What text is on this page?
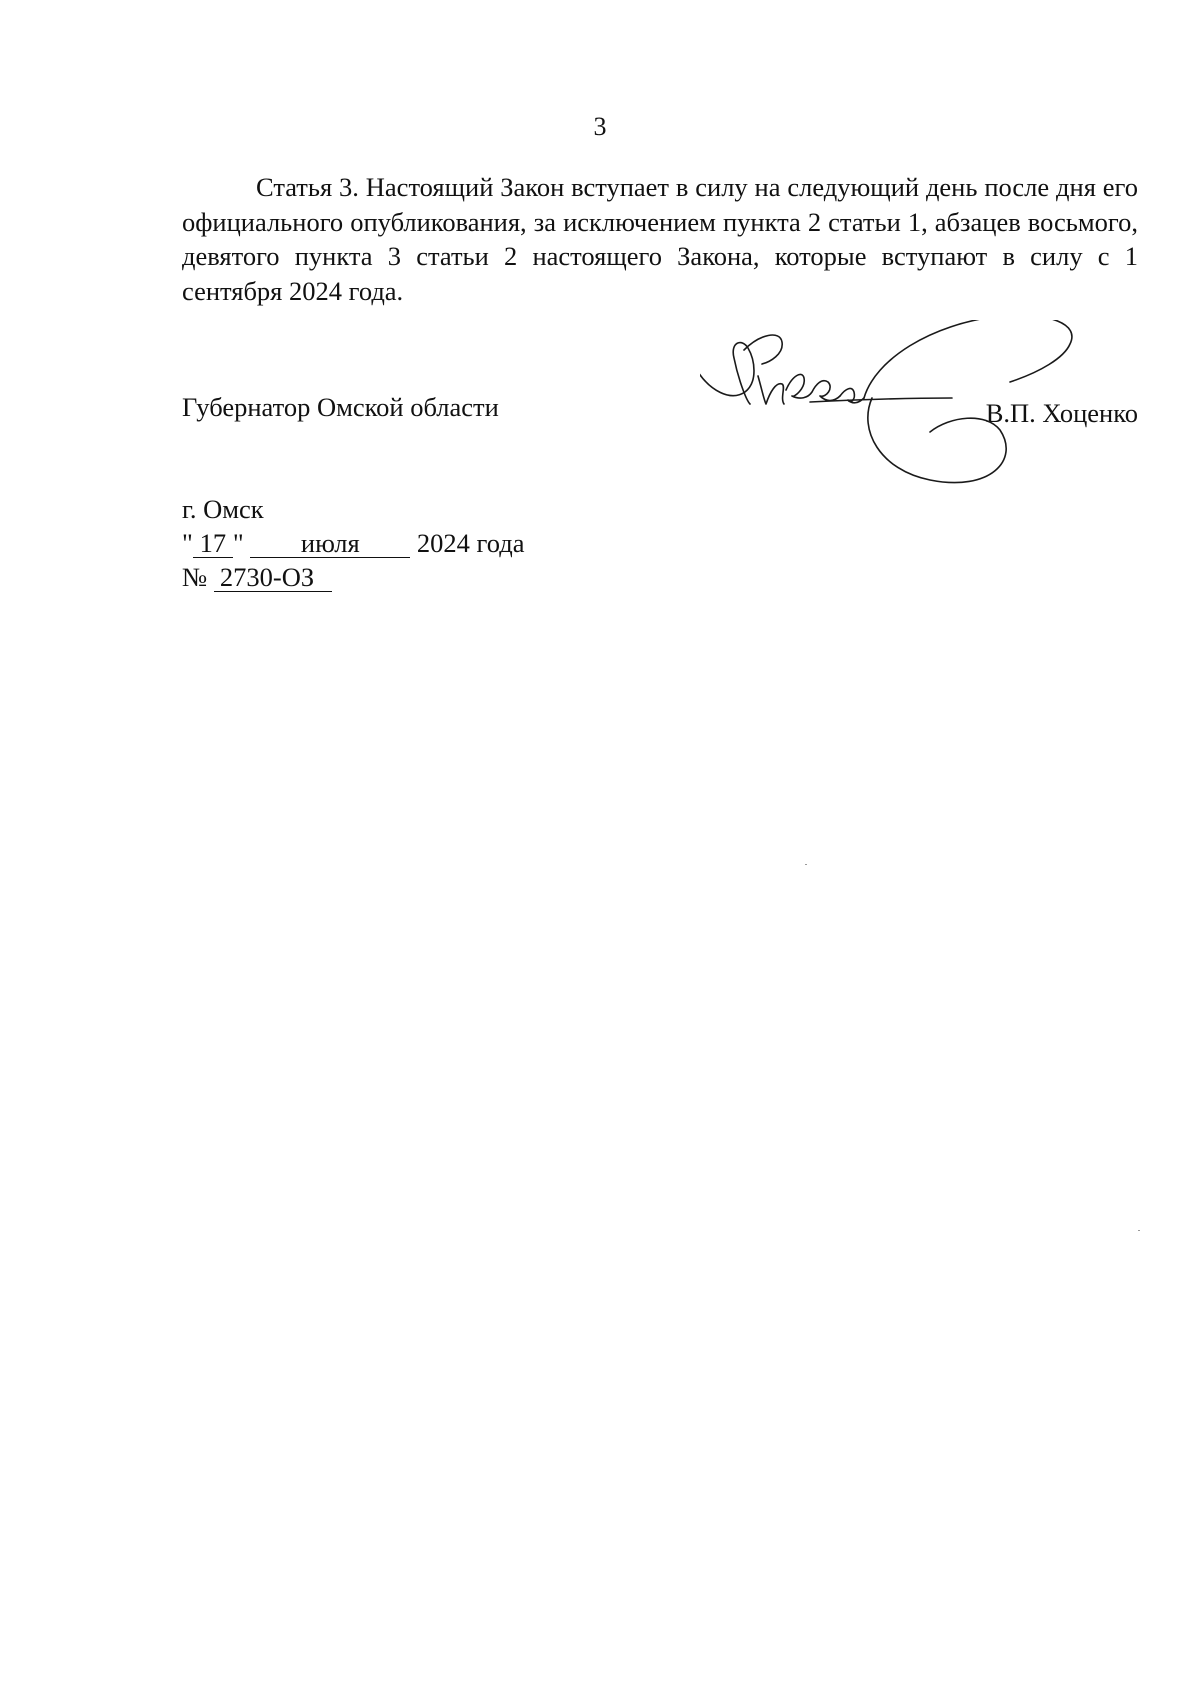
3

Статья 3. Настоящий Закон вступает в силу на следующий день после дня его официального опубликования, за исключением пункта 2 статьи 1, абзацев восьмого, девятого пункта 3 статьи 2 настоящего Закона, которые вступают в силу с 1 сентября 2024 года.

Губернатор Омской области	В.П. Хоценко
г. Омск
" 17 " июля 2024 года
№ 2730-ОЗ
